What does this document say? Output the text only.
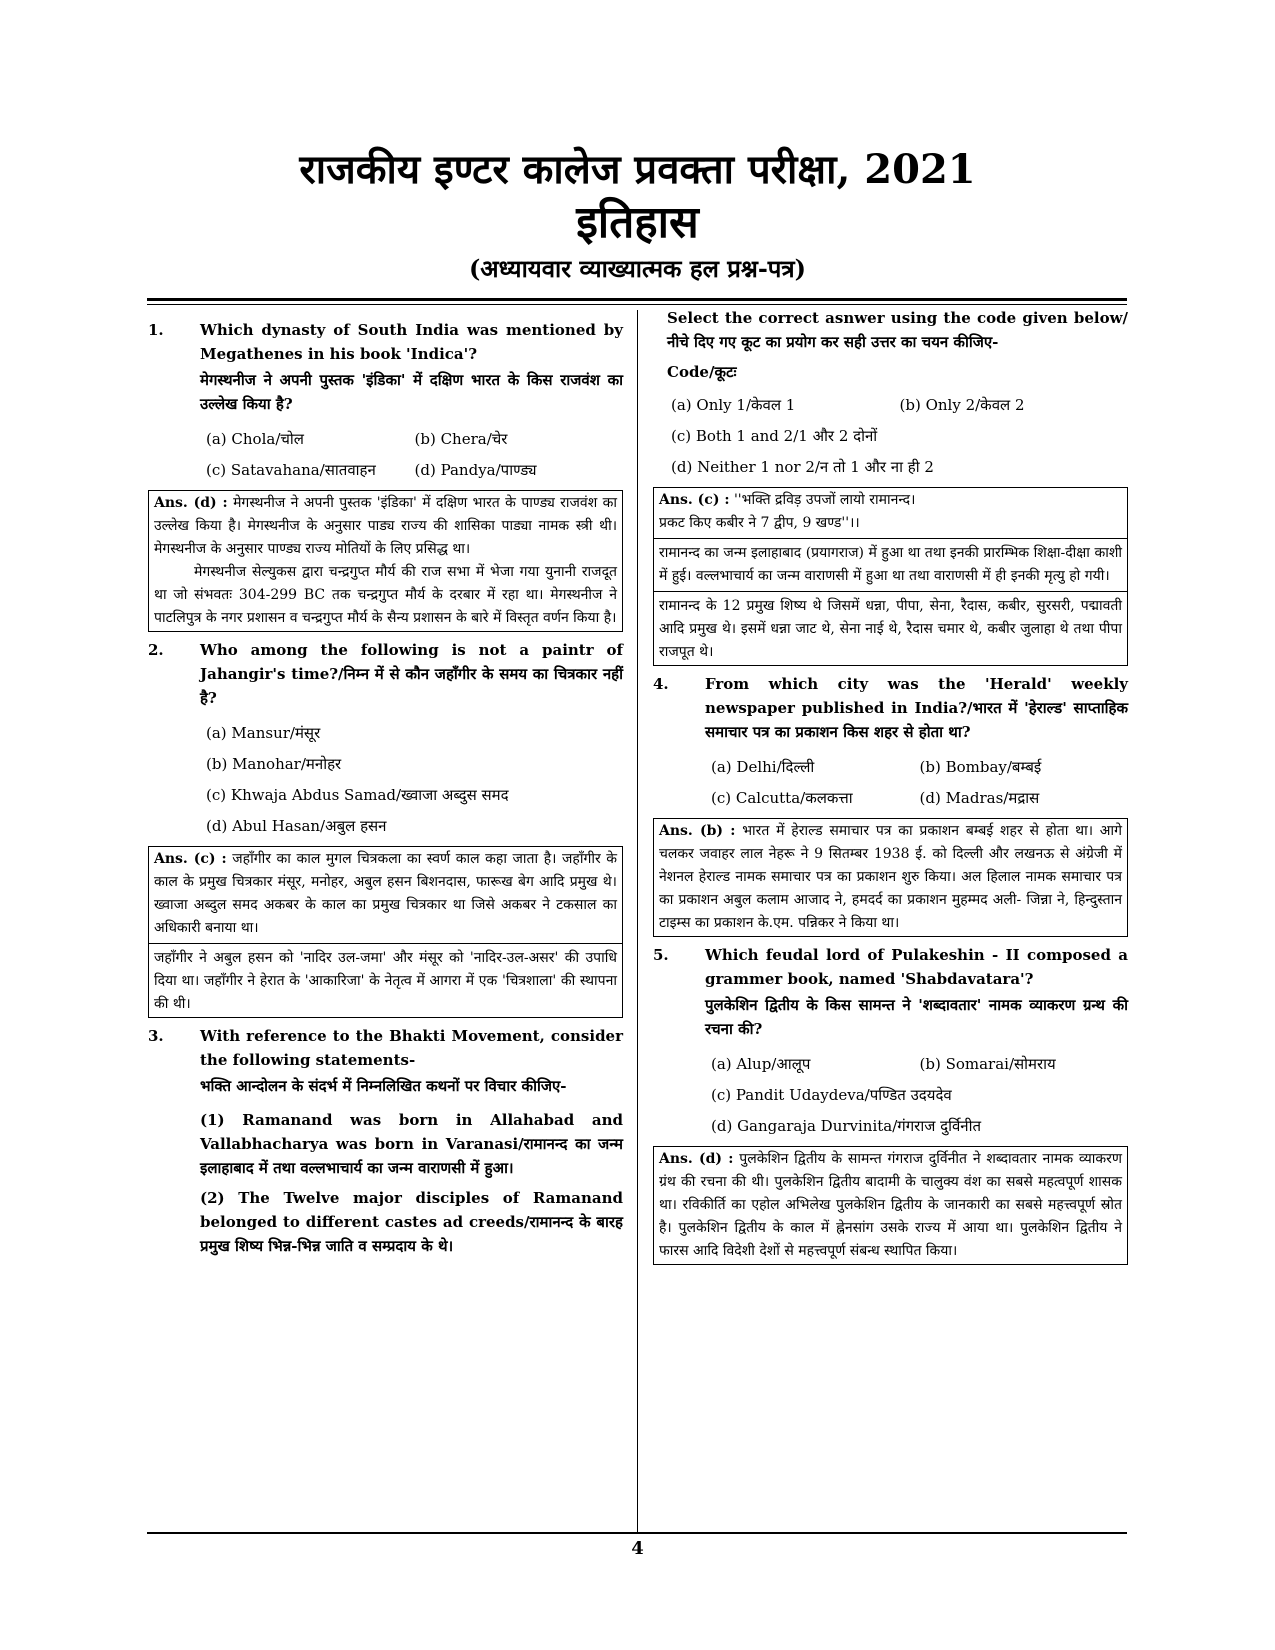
राजकीय इण्टर कालेज प्रवक्ता परीक्षा, 2021
इतिहास
(अध्यायवार व्याख्यात्मक हल प्रश्न-पत्र)
1.	Which dynasty of South India was mentioned by Megathenes in his book 'Indica'?

मेगस्थनीज ने अपनी पुस्तक 'इंडिका' में दक्षिण भारत के किस राजवंश का उल्लेख किया है?

(a) Chola/चोल	(b) Chera/चेर
(c) Satavahana/सातवाहन	(d) Pandya/पाण्ड्य

Ans. (d) : मेगस्थनीज ने अपनी पुस्तक 'इंडिका' में दक्षिण भारत के पाण्ड्य राजवंश का उल्लेख किया है। मेगस्थनीज के अनुसार पाड्य राज्य की शासिका पाड्या नामक स्त्री थी। मेगस्थनीज के अनुसार पाण्ड्य राज्य मोतियों के लिए प्रसिद्ध था।

मेगस्थनीज सेल्युकस द्वारा चन्द्रगुप्त मौर्य की राज सभा में भेजा गया युनानी राजदूत था जो संभवतः 304-299 BC तक चन्द्रगुप्त मौर्य के दरबार में रहा था। मेगस्थनीज ने पाटलिपुत्र के नगर प्रशासन व चन्द्रगुप्त मौर्य के सैन्य प्रशासन के बारे में विस्तृत वर्णन किया है।

2.	Who among the following is not a paintr of Jahangir's time?/निम्न में से कौन जहाँगीर के समय का चित्रकार नहीं है?

(a) Mansur/मंसूर
(b) Manohar/मनोहर
(c) Khwaja Abdus Samad/ख्वाजा अब्दुस समद
(d) Abul Hasan/अबुल हसन

Ans. (c) : जहाँगीर का काल मुगल चित्रकला का स्वर्ण काल कहा जाता है। जहाँगीर के काल के प्रमुख चित्रकार मंसूर, मनोहर, अबुल हसन बिशनदास, फारूख बेग आदि प्रमुख थे। ख्वाजा अब्दुल समद अकबर के काल का प्रमुख चित्रकार था जिसे अकबर ने टकसाल का अधिकारी बनाया था।

जहाँगीर ने अबुल हसन को 'नादिर उल-जमा' और मंसूर को 'नादिर-उल-असर' की उपाधि दिया था। जहाँगीर ने हेरात के 'आकारिजा' के नेतृत्व में आगरा में एक 'चित्रशाला' की स्थापना की थी।

3.	With reference to the Bhakti Movement, consider the following statements-

भक्ति आन्दोलन के संदर्भ में निम्नलिखित कथनों पर विचार कीजिए-

(1) Ramanand was born in Allahabad and Vallabhacharya was born in Varanasi/रामानन्द का जन्म इलाहाबाद में तथा वल्लभाचार्य का जन्म वाराणसी में हुआ।

(2) The Twelve major disciples of Ramanand belonged to different castes ad creeds/रामानन्द के बारह प्रमुख शिष्य भिन्न-भिन्न जाति व सम्प्रदाय के थे।

Select the correct asnwer using the code given below/ नीचे दिए गए कूट का प्रयोग कर सही उत्तर का चयन कीजिए-

Code/कूटः

(a) Only 1/केवल 1	(b) Only 2/केवल 2
(c) Both 1 and 2/1 और 2 दोनों
(d) Neither 1 nor 2/न तो 1 और ना ही 2

Ans. (c) : ''भक्ति द्रविड़ उपजों लायो रामानन्द।

प्रकट किए कबीर ने 7 द्वीप, 9 खण्ड''।।

रामानन्द का जन्म इलाहाबाद (प्रयागराज) में हुआ था तथा इनकी प्रारम्भिक शिक्षा-दीक्षा काशी में हुई। वल्लभाचार्य का जन्म वाराणसी में हुआ था तथा वाराणसी में ही इनकी मृत्यु हो गयी।

रामानन्द के 12 प्रमुख शिष्य थे जिसमें धन्ना, पीपा, सेना, रैदास, कबीर, सुरसरी, पद्मावती आदि प्रमुख थे। इसमें धन्ना जाट थे, सेना नाई थे, रैदास चमार थे, कबीर जुलाहा थे तथा पीपा राजपूत थे।

4.	From which city was the 'Herald' weekly newspaper published in India?/भारत में 'हेराल्ड' साप्ताहिक समाचार पत्र का प्रकाशन किस शहर से होता था?

(a) Delhi/दिल्ली	(b) Bombay/बम्बई
(c) Calcutta/कलकत्ता	(d) Madras/मद्रास

Ans. (b) : भारत में हेराल्ड समाचार पत्र का प्रकाशन बम्बई शहर से होता था। आगे चलकर जवाहर लाल नेहरू ने 9 सितम्बर 1938 ई. को दिल्ली और लखनऊ से अंग्रेजी में नेशनल हेराल्ड नामक समाचार पत्र का प्रकाशन शुरु किया। अल हिलाल नामक समाचार पत्र का प्रकाशन अबुल कलाम आजाद ने, हमदर्द का प्रकाशन मुहम्मद अली- जिन्ना ने, हिन्दुस्तान टाइम्स का प्रकाशन के.एम. पन्निकर ने किया था।

5.	Which feudal lord of Pulakeshin - II composed a grammer book, named 'Shabdavatara'?

पुलकेशिन द्वितीय के किस सामन्त ने 'शब्दावतार' नामक व्याकरण ग्रन्थ की रचना की?

(a) Alup/आलूप	(b) Somarai/सोमराय
(c) Pandit Udaydeva/पण्डित उदयदेव
(d) Gangaraja Durvinita/गंगराज दुर्विनीत

Ans. (d) : पुलकेशिन द्वितीय के सामन्त गंगराज दुर्विनीत ने शब्दावतार नामक व्याकरण ग्रंथ की रचना की थी। पुलकेशिन द्वितीय बादामी के चालुक्य वंश का सबसे महत्वपूर्ण शासक था। रविकीर्ति का एहोल अभिलेख पुलकेशिन द्वितीय के जानकारी का सबसे महत्त्वपूर्ण स्रोत है। पुलकेशिन द्वितीय के काल में ह्नेनसांग उसके राज्य में आया था। पुलकेशिन द्वितीय ने फारस आदि विदेशी देशों से महत्त्वपूर्ण संबन्ध स्थापित किया।

4
